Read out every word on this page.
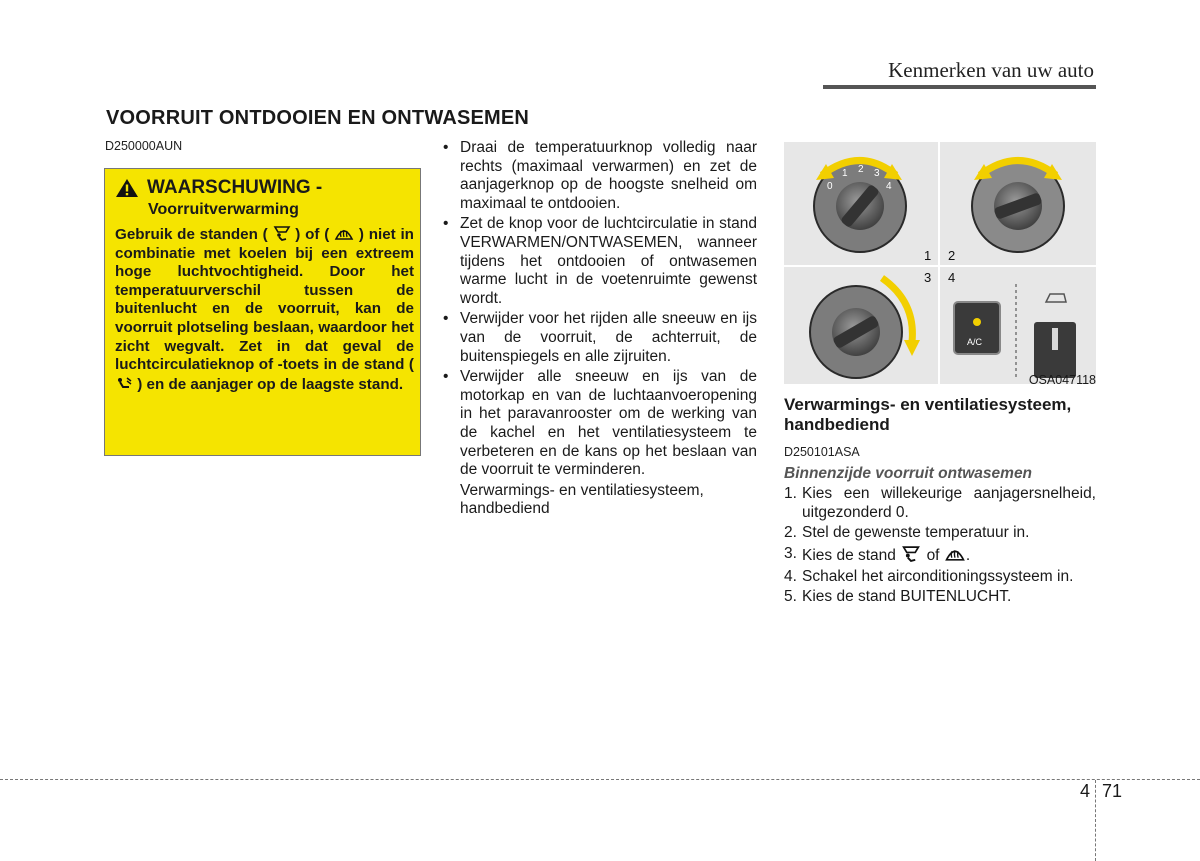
Kenmerken van uw auto
VOORRUIT ONTDOOIEN EN ONTWASEMEN
D250000AUN
WAARSCHUWING -
Voorruitverwarming
Gebruik de standen ( ) of ( ) niet in combinatie met koelen bij een extreem hoge luchtvochtigheid. Door het temperatuurverschil tussen de buitenlucht en de voorruit, kan de voorruit plotseling beslaan, waardoor het zicht wegvalt. Zet in dat geval de luchtcirculatieknop of -toets in de stand (  ) en de aanjager op de laagste stand.
• Draai de temperatuurknop volledig naar rechts (maximaal verwarmen) en zet de aanjagerknop op de hoogste snelheid om maximaal te ontdooien.
• Zet de knop voor de luchtcirculatie in stand VERWARMEN/ONTWASEMEN, wanneer tijdens het ontdooien of ontwasemen warme lucht in de voetenruimte gewenst wordt.
• Verwijder voor het rijden alle sneeuw en ijs van de voorruit, de achterruit, de buitenspiegels en alle zijruiten.
• Verwijder alle sneeuw en ijs van de motorkap en van de luchtaanvoeropening in het paravanrooster om de werking van de kachel en het ventilatiesysteem te verbeteren en de kans op het beslaan van de voorruit te verminderen.
Verwarmings- en ventilatiesysteem, handbediend
0
1 2 3
4
1 2
3 4
A/C
OSA047118
Verwarmings- en ventilatiesysteem, handbediend
D250101ASA
Binnenzijde voorruit ontwasemen
1. Kies een willekeurige aanjagersnelheid, uitgezonderd 0.
2. Stel de gewenste temperatuur in.
3. Kies de stand of .
4. Schakel het airconditioningssysteem in.
5. Kies de stand BUITENLUCHT.
4 71
